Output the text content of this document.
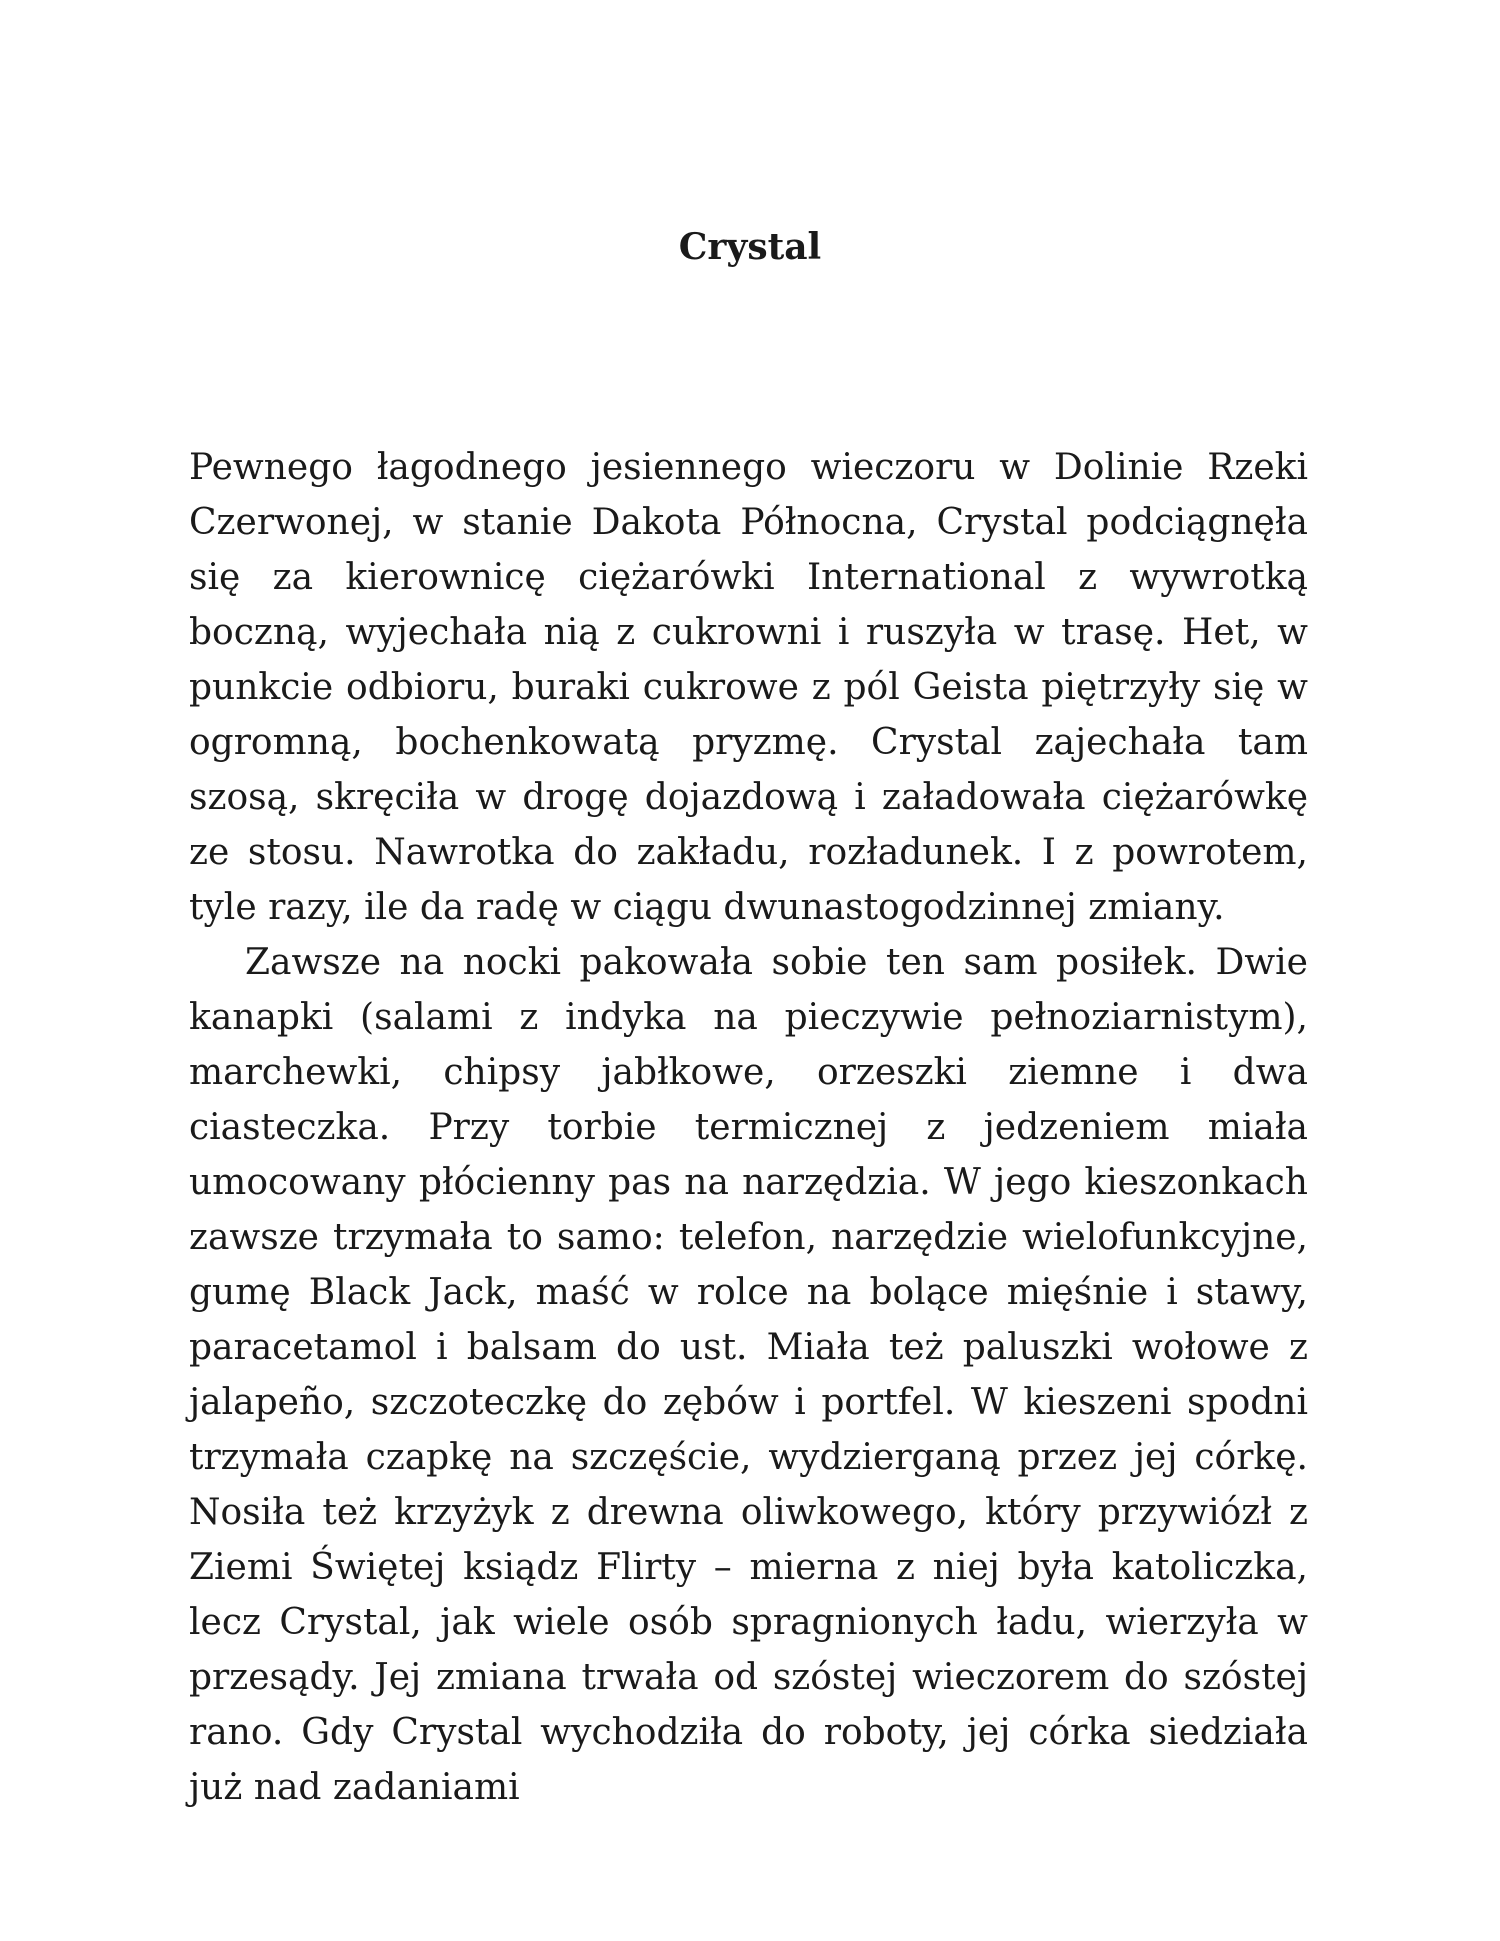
Crystal

Pewnego łagodnego jesiennego wieczoru w Dolinie Rzeki Czerwonej, w stanie Dakota Północna, Crystal podciągnęła się za kierownicę ciężarówki International z wywrotką boczną, wyjechała nią z cukrowni i ruszyła w trasę. Het, w punkcie odbioru, buraki cukrowe z pól Geista piętrzyły się w ogromną, bochenkowatą pryzmę. Crystal zajechała tam szosą, skręciła w drogę dojazdową i załadowała ciężarówkę ze stosu. Nawrotka do zakładu, rozładunek. I z powrotem, tyle razy, ile da radę w ciągu dwunastogodzinnej zmiany.

Zawsze na nocki pakowała sobie ten sam posiłek. Dwie kanapki (salami z indyka na pieczywie pełnoziarnistym), marchewki, chipsy jabłkowe, orzeszki ziemne i dwa ciasteczka. Przy torbie termicznej z jedzeniem miała umocowany płócienny pas na narzędzia. W jego kieszonkach zawsze trzymała to samo: telefon, narzędzie wielofunkcyjne, gumę Black Jack, maść w rolce na bolące mięśnie i stawy, paracetamol i balsam do ust. Miała też paluszki wołowe z jalapeño, szczoteczkę do zębów i portfel. W kieszeni spodni trzymała czapkę na szczęście, wydzierganą przez jej córkę. Nosiła też krzyżyk z drewna oliwkowego, który przywiózł z Ziemi Świętej ksiądz Flirty – mierna z niej była katoliczka, lecz Crystal, jak wiele osób spragnionych ładu, wierzyła w przesądy. Jej zmiana trwała od szóstej wieczorem do szóstej rano. Gdy Crystal wychodziła do roboty, jej córka siedziała już nad zadaniami
